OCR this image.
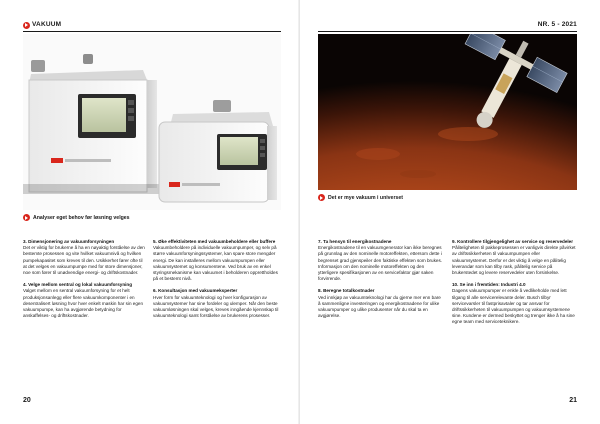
VAKUUM
Analyser eget behov før løsning velges

3. Dimensjonering av vakuumforsyningen
Det er viktig for brukerne å ha en nøyaktig forståelse av den bestemte prosessen og vite hvilket vakuumnivå og hvilken pumpekapasitet som kreves til den. Usikkerhet fører ofte til at det velges en vakuumpumpe med for store dimensjoner, noe som fører til unødvendige energi- og driftskostnader.

4. Velge mellom sentral og lokal vakuumforsyning
Valget mellom en sentral vakuumforsyning for et helt produksjonsanlegg eller flere vakuumkomponenter i en desentralisert løsning hvor hver enkelt maskin har sin egen vakuumpumpe, kan ha avgjørende betydning for anskaffelses- og driftskostnader.

5. Øke effektiviteten med vakuumbeholdere eller buffere
Vakuumbeholdere på individuelle vakuumpumper, og selv på større vakuumforsyningssystemer, kan spare store mengder energi. De kan installeres mellom vakuumpumpen eller vakuumsystemet og konsumentene. Ved bruk av en enkel styringsmekanisme kan vakuumet i beholderen opprettholdes på et bestemt nivå.

6. Konsultasjon med vakuumeksperter
Hver form for vakuumteknologi og hver konfigurasjon av vakuumsystemer har sine fordeler og ulemper. Når den beste vakuumløsningen skal velges, kreves inngående kjennskap til vakuumteknologi samt forståelse av brukerens prosesser.

20
NR. 5 - 2021
Det er mye vakuum i universet

7. Ta hensyn til energikostnadene
Energikostnadene til en vakuumgenerator kan ikke beregnes på grunnlag av den nominelle motoreffekten, ettersom dette i begrenset grad gjenspeiler den faktiske effekten som brukes. Informasjon om den nominelle motoreffekten og den ytterligere spesifikasjonen av en servicefaktor gjør saken forvirrende.

8. Beregne totalkostnader
Ved innkjøp av vakuumteknologi har du gjerne mer enn bare å sammenligne investeringen og energikostnadene for ulike vakuumpumper og ulike produsenter når du skal ta en avgjørelse.

9. Kontrollere tilgjengelighet av service og reservedeler
Påliteligheten til pakkeprosessen er vanligvis direkte påvirket av driftssikkerheten til vakuumpumpen eller vakuumsystemet. Derfor er det viktig å velge en pålitelig leverandør som kan tilby rask, pålitelig service på brukerstedet og levere reservedeler uten forsinkelse.

10. Se inn i fremtiden: Industri 4.0
Dagens vakuumpumper er enkle å vedlikeholde med lett tilgang til alle servicerelevante deler. Busch tilbyr servicevarsler til fastprisavtaler og tar ansvar for driftssikkerheten til vakuumpumpen og vakuumsystemene sine. Kundene er dermed beskyttet og trenger ikke å ha sine egne team med serviceteknikere.

21
